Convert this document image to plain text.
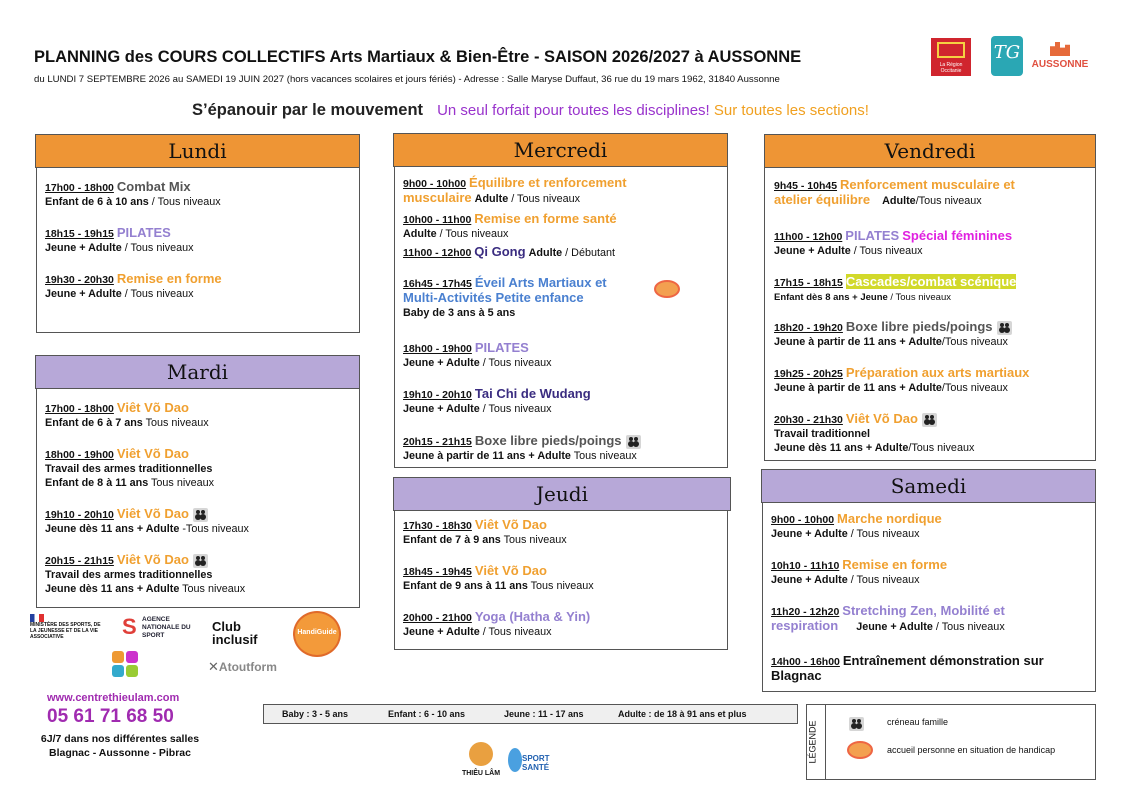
PLANNING des COURS COLLECTIFS Arts Martiaux & Bien-Être - SAISON 2026/2027 à AUSSONNE
du LUNDI 7 SEPTEMBRE 2026 au SAMEDI 19 JUIN 2027 (hors vacances scolaires et jours fériés) - Adresse : Salle Maryse Duffaut, 36 rue du 19 mars 1962, 31840 Aussonne
La Région Occitanie
TG
AUSSONNE
S’épanouir par le mouvement Un seul forfait pour toutes les disciplines! Sur toutes les sections!
Lundi
17h00 - 18h00 Combat Mix
Enfant de 6 à 10 ans / Tous niveaux
18h15 - 19h15 PILATES
Jeune + Adulte / Tous niveaux
19h30 - 20h30 Remise en forme
Jeune + Adulte / Tous niveaux
Mardi
17h00 - 18h00 Viêt Võ Dao
Enfant de 6 à 7 ans Tous niveaux
18h00 - 19h00 Viêt Võ Dao
Travail des armes traditionnelles
Enfant de 8 à 11 ans Tous niveaux
19h10 - 20h10 Viêt Võ Dao
Jeune dès 11 ans + Adulte -Tous niveaux
20h15 - 21h15 Viêt Võ Dao
Travail des armes traditionnelles
Jeune dès 11 ans + Adulte Tous niveaux
Mercredi
9h00 - 10h00 Équilibre et renforcement
musculaire Adulte / Tous niveaux
10h00 - 11h00 Remise en forme santé
Adulte / Tous niveaux
11h00 - 12h00 Qi Gong Adulte / Débutant
16h45 - 17h45 Éveil Arts Martiaux et
Multi-Activités Petite enfance
Baby de 3 ans à 5 ans
18h00 - 19h00 PILATES
Jeune + Adulte / Tous niveaux
19h10 - 20h10 Tai Chi de Wudang
Jeune + Adulte / Tous niveaux
20h15 - 21h15 Boxe libre pieds/poings
Jeune à partir de 11 ans + Adulte Tous niveaux
Jeudi
17h30 - 18h30 Viêt Võ Dao
Enfant de 7 à 9 ans Tous niveaux
18h45 - 19h45 Viêt Võ Dao
Enfant de 9 ans à 11 ans Tous niveaux
20h00 - 21h00 Yoga (Hatha & Yin)
Jeune + Adulte / Tous niveaux
Vendredi
9h45 - 10h45 Renforcement musculaire et
atelier équilibre Adulte/Tous niveaux
11h00 - 12h00 PILATES Spécial féminines
Jeune + Adulte / Tous niveaux
17h15 - 18h15 Cascades/combat scénique
Enfant dès 8 ans + Jeune / Tous niveaux
18h20 - 19h20 Boxe libre pieds/poings
Jeune à partir de 11 ans + Adulte/Tous niveaux
19h25 - 20h25 Préparation aux arts martiaux
Jeune à partir de 11 ans + Adulte/Tous niveaux
20h30 - 21h30 Viêt Võ Dao
Travail traditionnel
Jeune dès 11 ans + Adulte/Tous niveaux
Samedi
9h00 - 10h00 Marche nordique
Jeune + Adulte / Tous niveaux
10h10 - 11h10 Remise en forme
Jeune + Adulte / Tous niveaux
11h20 - 12h20 Stretching Zen, Mobilité et
respiration Jeune + Adulte / Tous niveaux
14h00 - 16h00 Entraînement démonstration sur
Blagnac
MINISTÈRE DES SPORTS, DE LA JEUNESSE ET DE LA VIE ASSOCIATIVE	S AGENCE NATIONALE DU SPORT
Club inclusif	HandiGuide
✕Atoutform
www.centrethieulam.com
05 61 71 68 50
6J/7 dans nos différentes salles
Blagnac - Aussonne - Pibrac
Baby : 3 - 5 ans	Enfant : 6 - 10 ans	Jeune : 11 - 17 ans	Adulte : de 18 à 91 ans et plus
THIÊU LÂM
SPORT SANTÉ
LÉGENDE	créneau famille
accueil personne en situation de handicap
